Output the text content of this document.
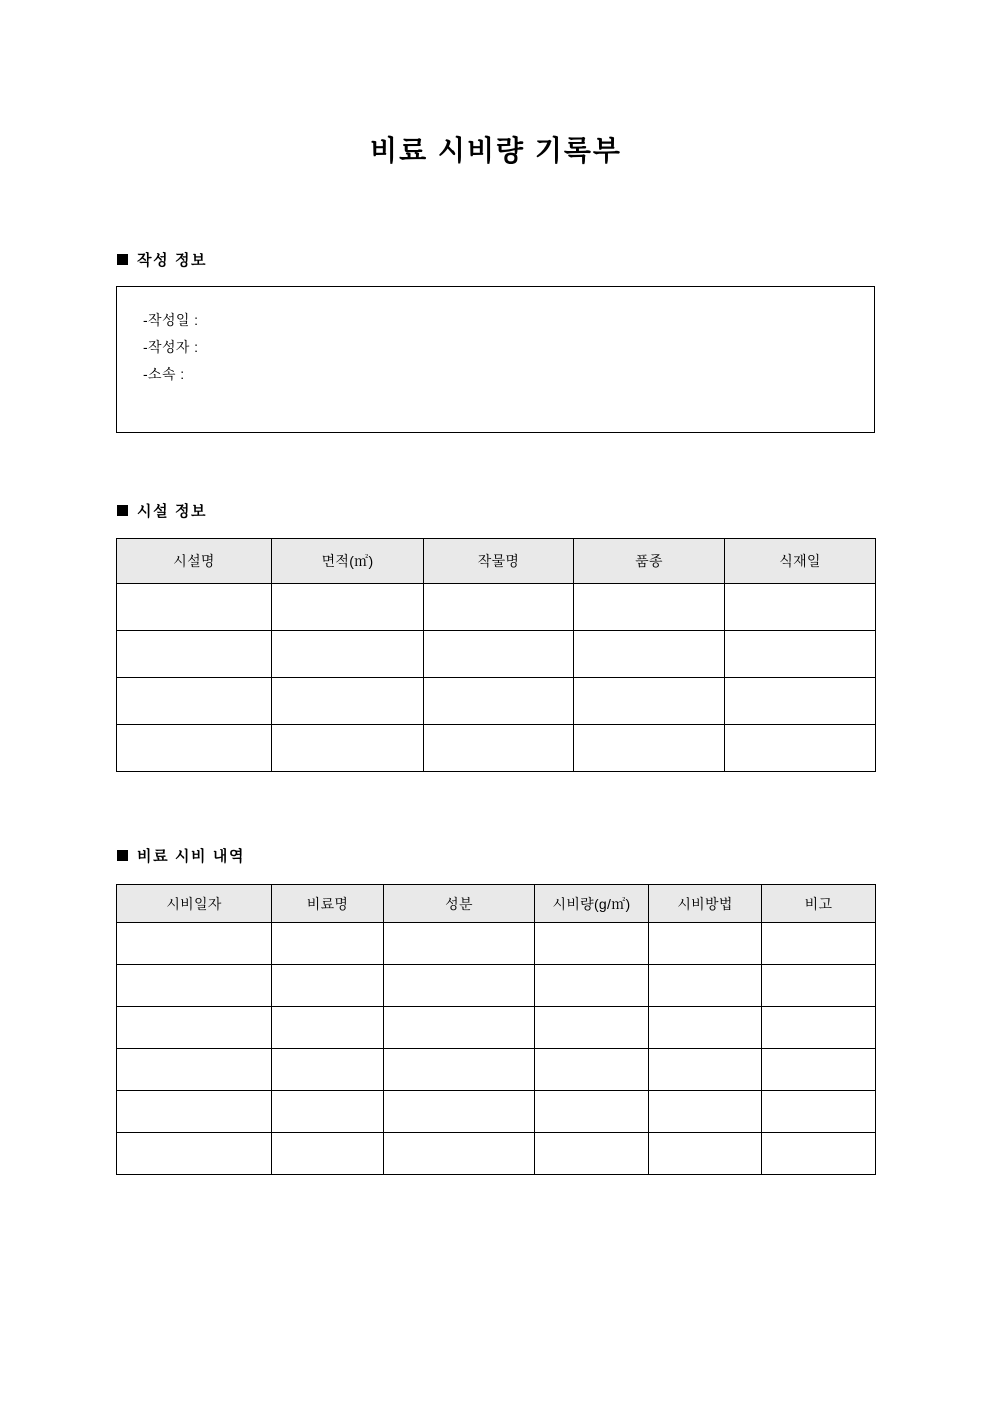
비료 시비량 기록부
작성 정보
-작성일 :
-작성자 :
-소속 :
시설 정보
시설명	면적(㎡)	작물명	품종	식재일

비료 시비 내역
시비일자	비료명	성분	시비량(g/㎡)	시비방법	비고
